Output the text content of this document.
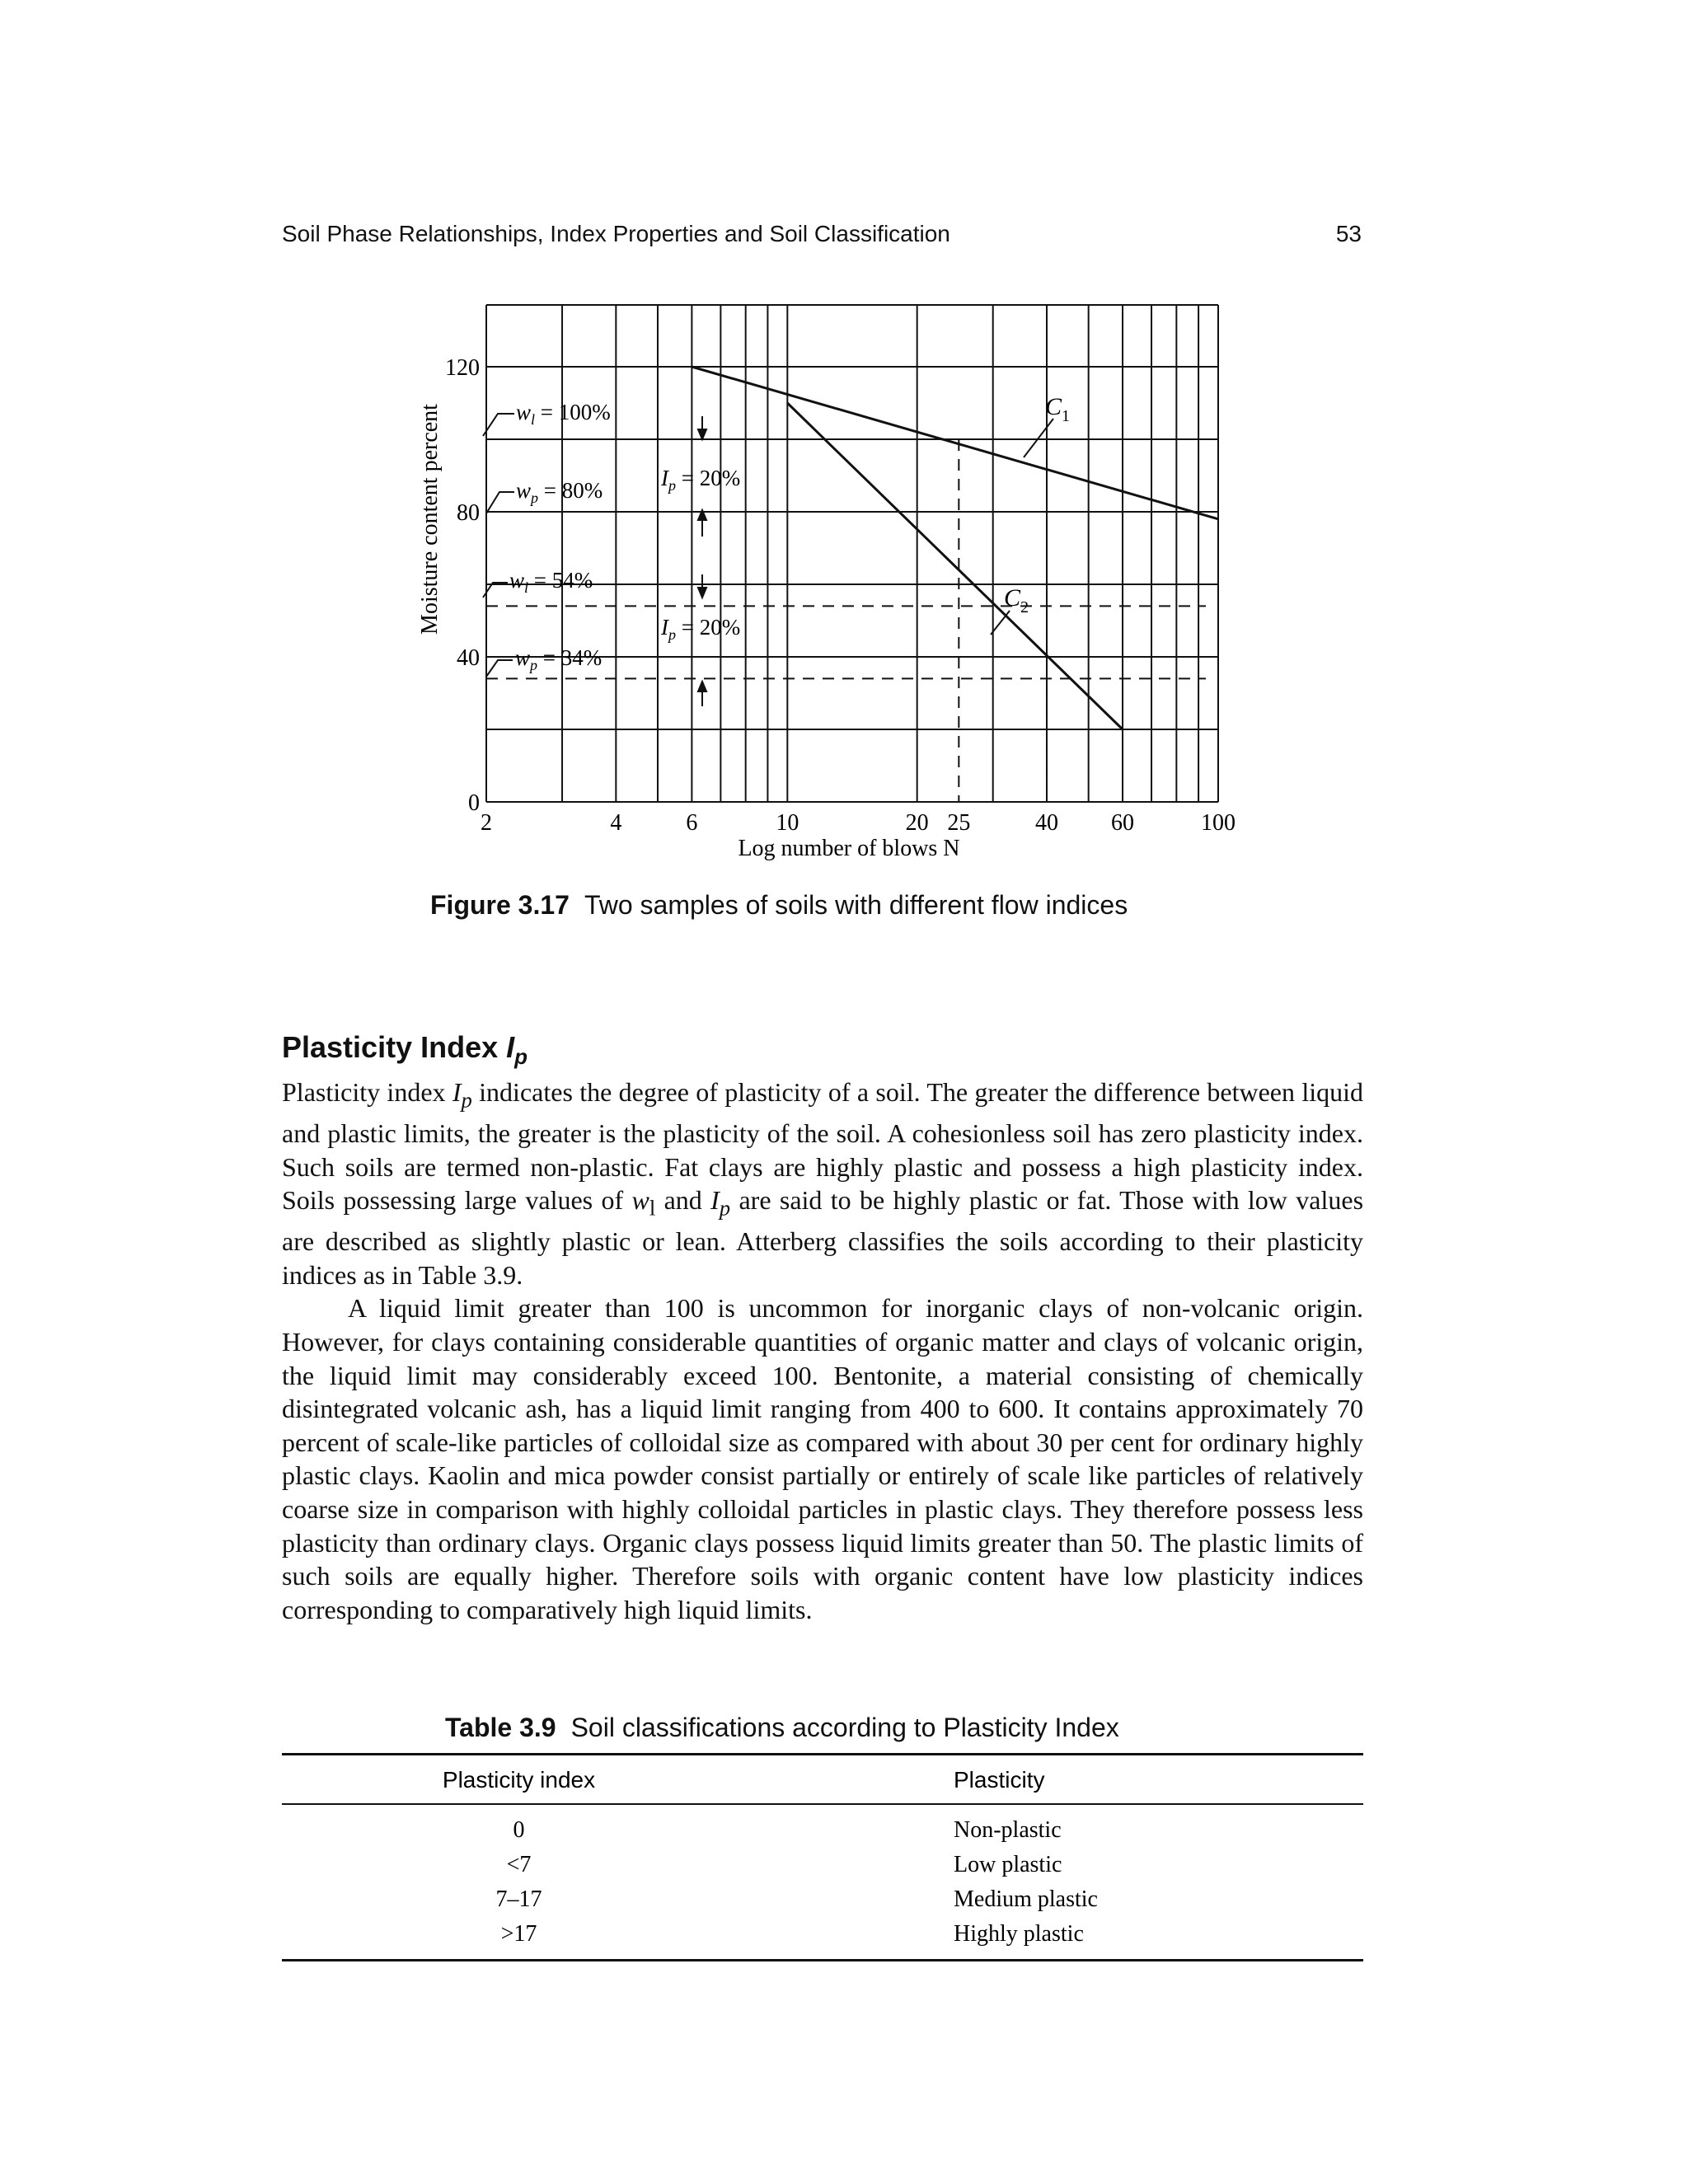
Soil Phase Relationships, Index Properties and Soil Classification	53
2	4	6	10	20 25	40 60	100
0
40
80
120
Moisture content percent
Log number of blows N
$C_1$
$C_2$
$w_l = 100\%$
$w_p = 80\%$
$w_l = 54\%$
$w_p = 34\%$
$I_p = 20\%$
$I_p = 20\%$
Figure 3.17 Two samples of soils with different flow indices
Plasticity Index $I_p$

Plasticity index $I_p$ indicates the degree of plasticity of a soil. The greater the difference between liquid and plastic limits, the greater is the plasticity of the soil. A cohesionless soil has zero plasticity index. Such soils are termed non-plastic. Fat clays are highly plastic and possess a high plasticity index. Soils possessing large values of $w_l$ and $I_p$ are said to be highly plastic or fat. Those with low values are described as slightly plastic or lean. Atterberg classifies the soils according to their plasticity indices as in Table 3.9.

A liquid limit greater than 100 is uncommon for inorganic clays of non-volcanic origin. However, for clays containing considerable quantities of organic matter and clays of volcanic origin, the liquid limit may considerably exceed 100. Bentonite, a material consisting of chemically disintegrated volcanic ash, has a liquid limit ranging from 400 to 600. It contains approximately 70 percent of scale-like particles of colloidal size as compared with about 30 per cent for ordinary highly plastic clays. Kaolin and mica powder consist partially or entirely of scale like particles of relatively coarse size in comparison with highly colloidal particles in plastic clays. They therefore possess less plasticity than ordinary clays. Organic clays possess liquid limits greater than 50. The plastic limits of such soils are equally higher. Therefore soils with organic content have low plasticity indices corresponding to comparatively high liquid limits.

Table 3.9 Soil classifications according to Plasticity Index
Plasticity index	Plasticity
0	Non-plastic
<7	Low plastic
7–17	Medium plastic
>17	Highly plastic
